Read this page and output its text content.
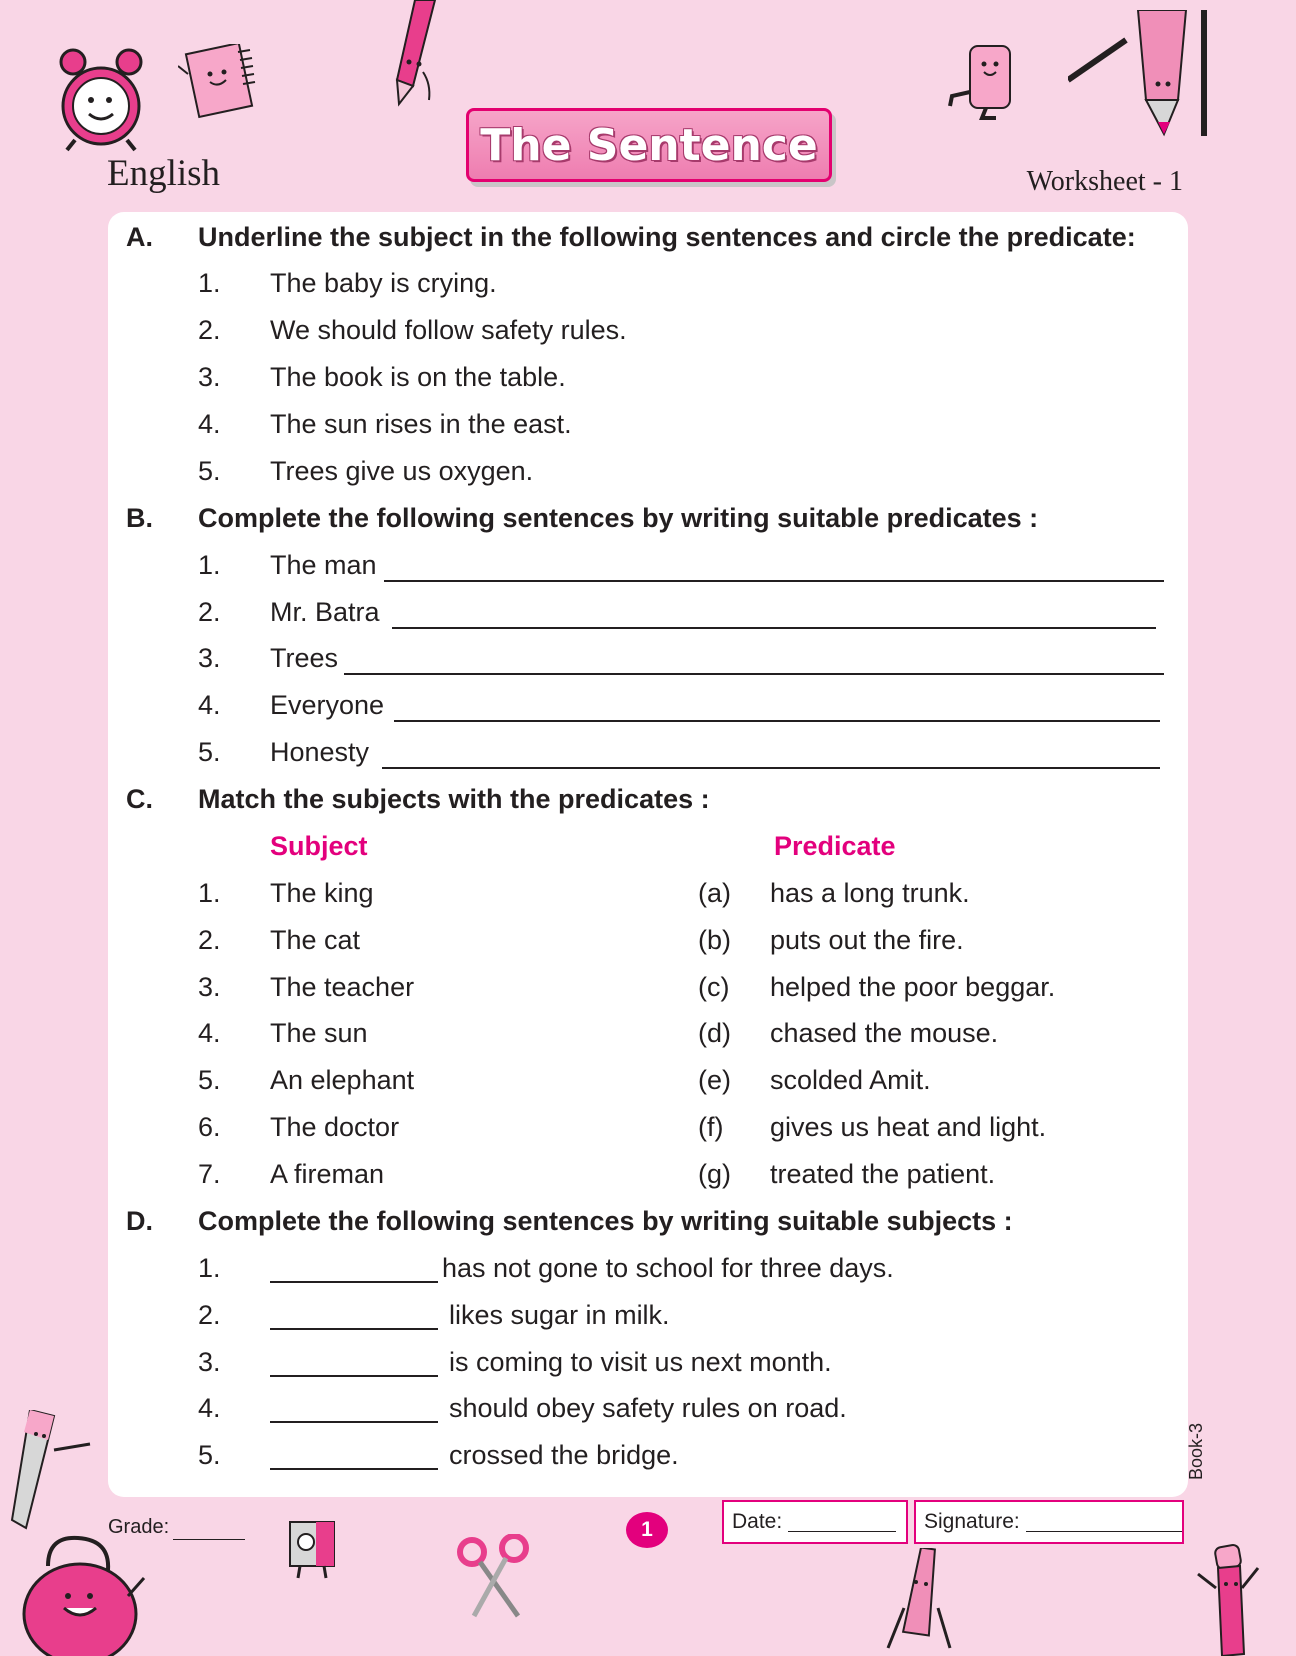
English
The Sentence
Worksheet - 1
A. Underline the subject in the following sentences and circle the predicate:
1. The baby is crying.
2. We should follow safety rules.
3. The book is on the table.
4. The sun rises in the east.
5. Trees give us oxygen.
B. Complete the following sentences by writing suitable predicates :
1. The man
2. Mr. Batra
3. Trees
4. Everyone
5. Honesty
C. Match the subjects with the predicates :
Subject	Predicate
1. The king	(a) has a long trunk.
2. The cat	(b) puts out the fire.
3. The teacher	(c) helped the poor beggar.
4. The sun	(d) chased the mouse.
5. An elephant	(e) scolded Amit.
6. The doctor	(f) gives us heat and light.
7. A fireman	(g) treated the patient.
D. Complete the following sentences by writing suitable subjects :
1.	has not gone to school for three days.
2.	likes sugar in milk.
3.	is coming to visit us next month.
4.	should obey safety rules on road.
5.	crossed the bridge.
Grade:	1	Date:	Signature:
Book-3
